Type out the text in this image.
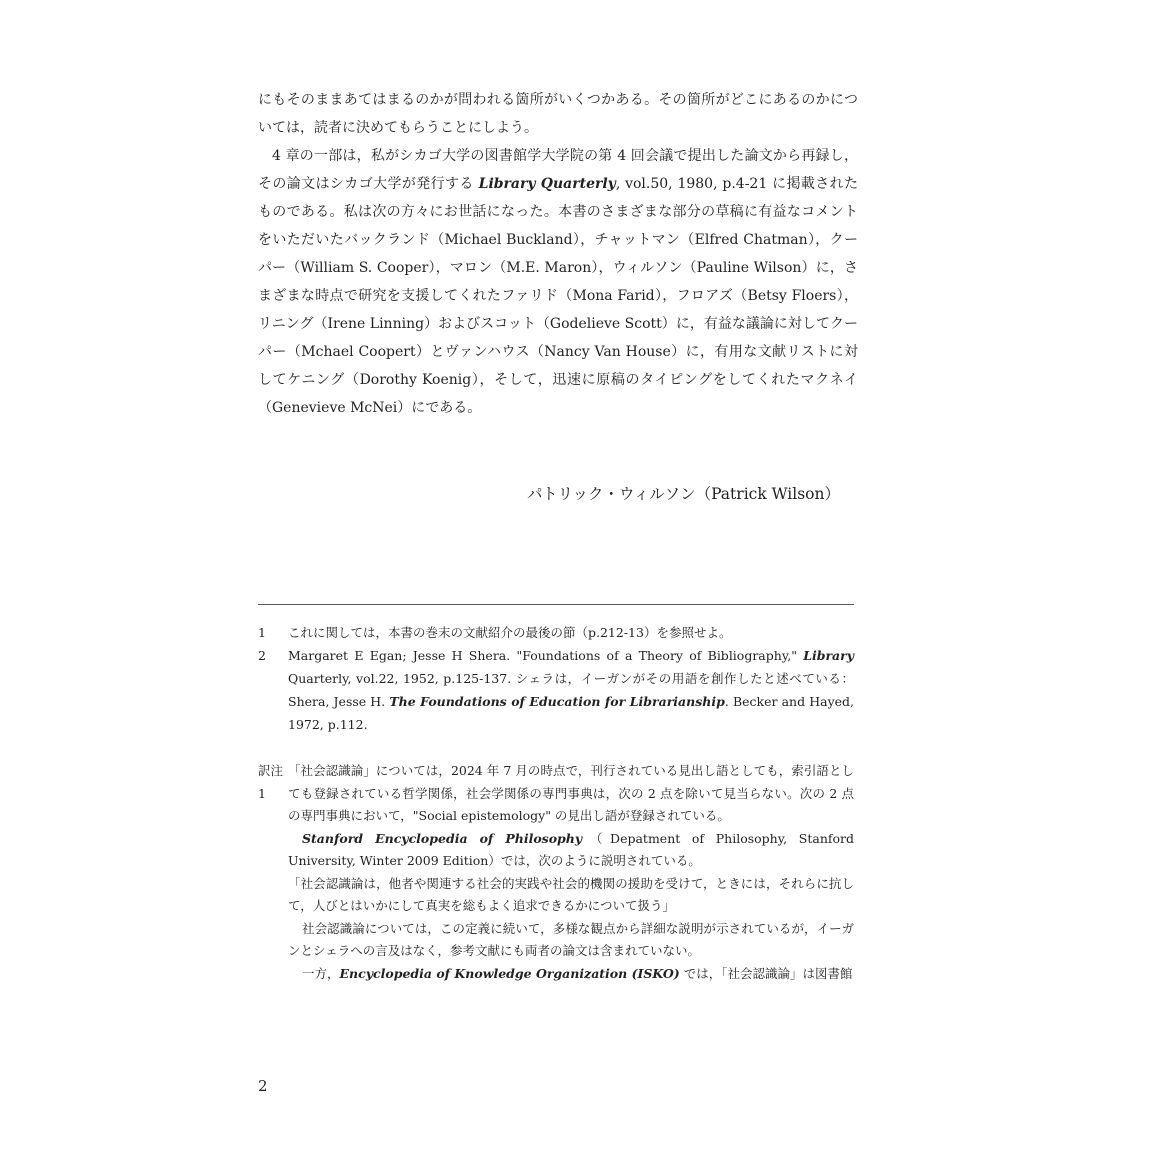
にもそのままあてはまるのかが問われる箇所がいくつかある。その箇所がどこにあるのかについては，読者に決めてもらうことにしよう。

4 章の一部は，私がシカゴ大学の図書館学大学院の第 4 回会議で提出した論文から再録し，その論文はシカゴ大学が発行する Library Quarterly, vol.50, 1980, p.4-21 に掲載されたものである。私は次の方々にお世話になった。本書のさまざまな部分の草稿に有益なコメントをいただいたバックランド（Michael Buckland），チャットマン（Elfred Chatman），クーパー（William S. Cooper），マロン（M.E. Maron），ウィルソン（Pauline Wilson）に，さまざまな時点で研究を支援してくれたファリド（Mona Farid），フロアズ（Betsy Floers），リニング（Irene Linning）およびスコット（Godelieve Scott）に，有益な議論に対してクーパー（Mchael Coopert）とヴァンハウス（Nancy Van House）に，有用な文献リストに対してケニング（Dorothy Koenig），そして，迅速に原稿のタイピングをしてくれたマクネイ（Genevieve McNei）にである。

パトリック・ウィルソン（Patrick Wilson）
1	これに関しては，本書の巻末の文献紹介の最後の節（p.212-13）を参照せよ。
2	Margaret E Egan; Jesse H Shera. "Foundations of a Theory of Bibliography," Library Quarterly, vol.22, 1952, p.125-137. シェラは，イーガンがその用語を創作したと述べている：Shera, Jesse H. The Foundations of Education for Librarianship. Becker and Hayed, 1972, p.112.
訳注 1
「社会認識論」については，2024 年 7 月の時点で，刊行されている見出し語としても，索引語としても登録されている哲学関係，社会学関係の専門事典は，次の 2 点を除いて見当らない。次の 2 点の専門事典において，"Social epistemology" の見出し語が登録されている。

Stanford Encyclopedia of Philosophy（Depatment of Philosophy, Stanford University, Winter 2009 Edition）では，次のように説明されている。

「社会認識論は，他者や関連する社会的実践や社会的機関の援助を受けて，ときには，それらに抗して，人びとはいかにして真実を総もよく追求できるかについて扱う」

社会認識論については，この定義に続いて，多様な観点から詳細な説明が示されているが，イーガンとシェラへの言及はなく，参考文献にも両者の論文は含まれていない。

一方，Encyclopedia of Knowledge Organization (ISKO) では，「社会認識論」は図書館

2
